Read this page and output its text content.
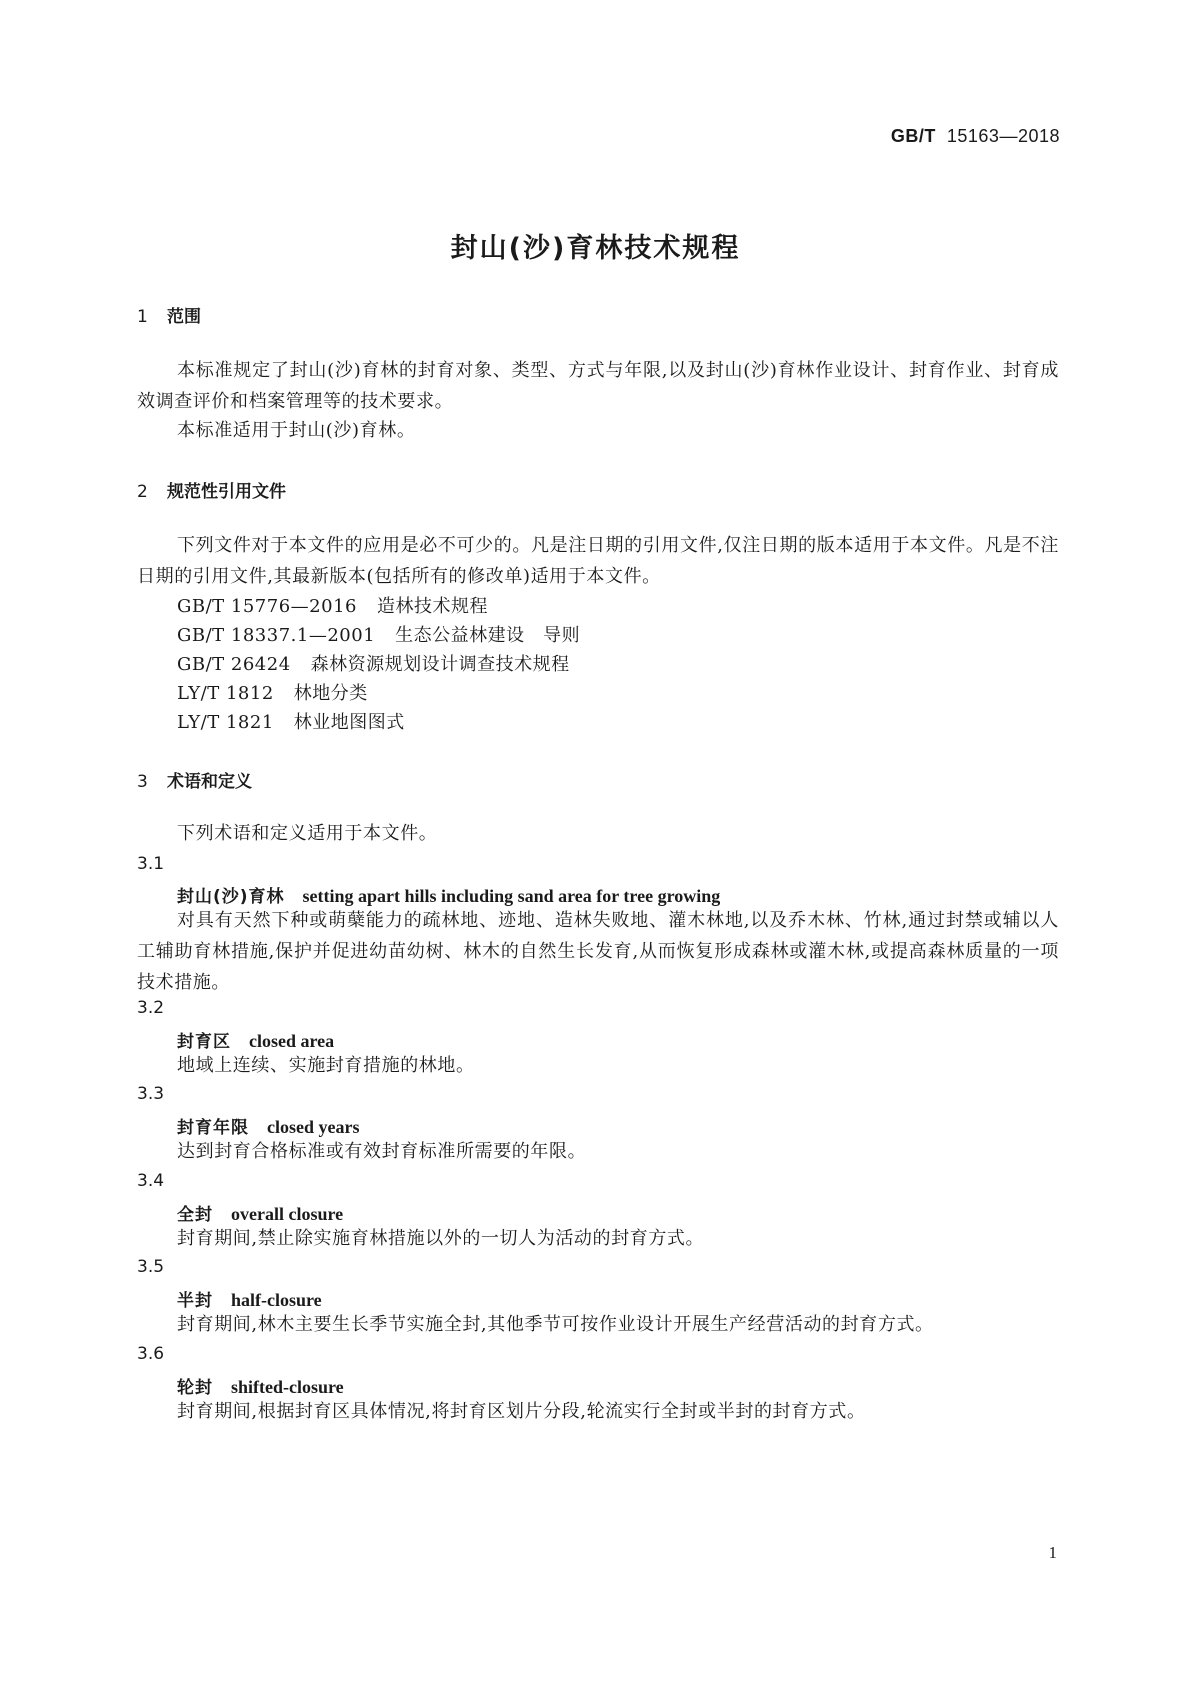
GB/T 15163—2018
封山(沙)育林技术规程
1 范围

本标准规定了封山(沙)育林的封育对象、类型、方式与年限,以及封山(沙)育林作业设计、封育作业、封育成效调查评价和档案管理等的技术要求。

本标准适用于封山(沙)育林。

2 规范性引用文件

下列文件对于本文件的应用是必不可少的。凡是注日期的引用文件,仅注日期的版本适用于本文件。凡是不注日期的引用文件,其最新版本(包括所有的修改单)适用于本文件。

GB/T 15776—2016 造林技术规程
GB/T 18337.1—2001 生态公益林建设　导则
GB/T 26424 森林资源规划设计调查技术规程
LY/T 1812 林地分类
LY/T 1821 林业地图图式
3 术语和定义

下列术语和定义适用于本文件。

3.1
封山(沙)育林 setting apart hills including sand area for tree growing

对具有天然下种或萌蘖能力的疏林地、迹地、造林失败地、灌木林地,以及乔木林、竹林,通过封禁或辅以人工辅助育林措施,保护并促进幼苗幼树、林木的自然生长发育,从而恢复形成森林或灌木林,或提高森林质量的一项技术措施。

3.2
封育区 closed area

地域上连续、实施封育措施的林地。

3.3
封育年限 closed years

达到封育合格标准或有效封育标准所需要的年限。

3.4
全封 overall closure

封育期间,禁止除实施育林措施以外的一切人为活动的封育方式。

3.5
半封 half-closure

封育期间,林木主要生长季节实施全封,其他季节可按作业设计开展生产经营活动的封育方式。

3.6
轮封 shifted-closure

封育期间,根据封育区具体情况,将封育区划片分段,轮流实行全封或半封的封育方式。

1
